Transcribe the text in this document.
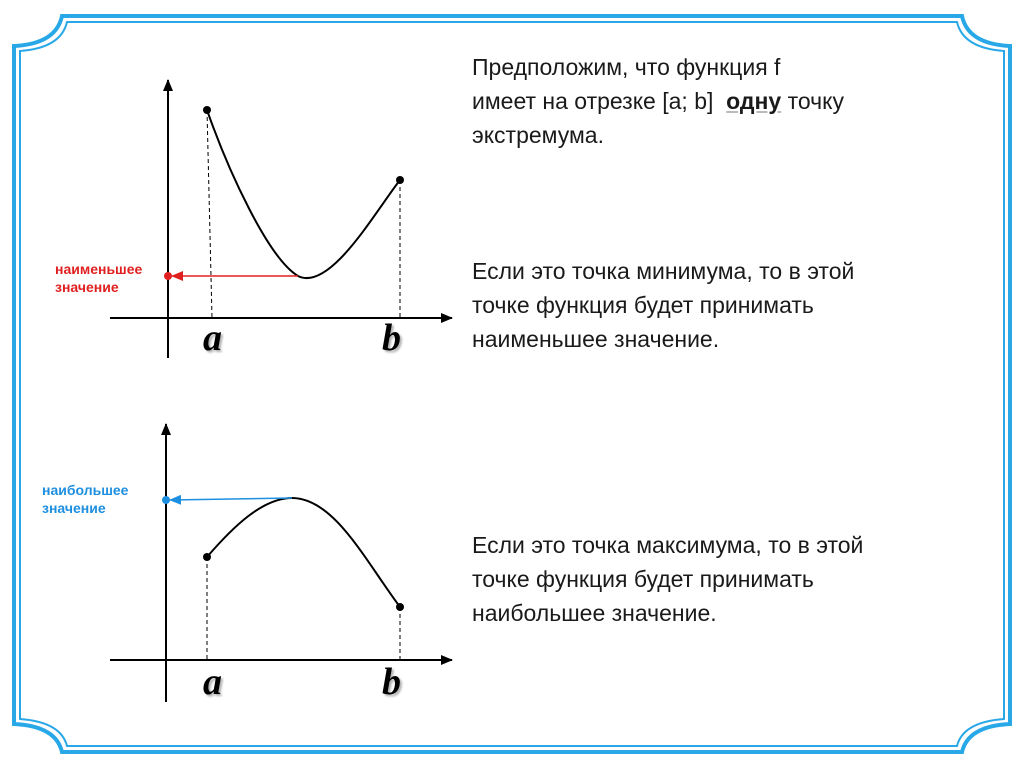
наименьшее
значение
наибольшее
значение
a	b
a	b
Предположим, что функция f
имеет на отрезке [a; b]  одну точку
экстремума.
Если это точка минимума, то в этой
точке функция будет принимать
наименьшее значение.
Если это точка максимума, то в этой
точке функция будет принимать
наибольшее значение.
